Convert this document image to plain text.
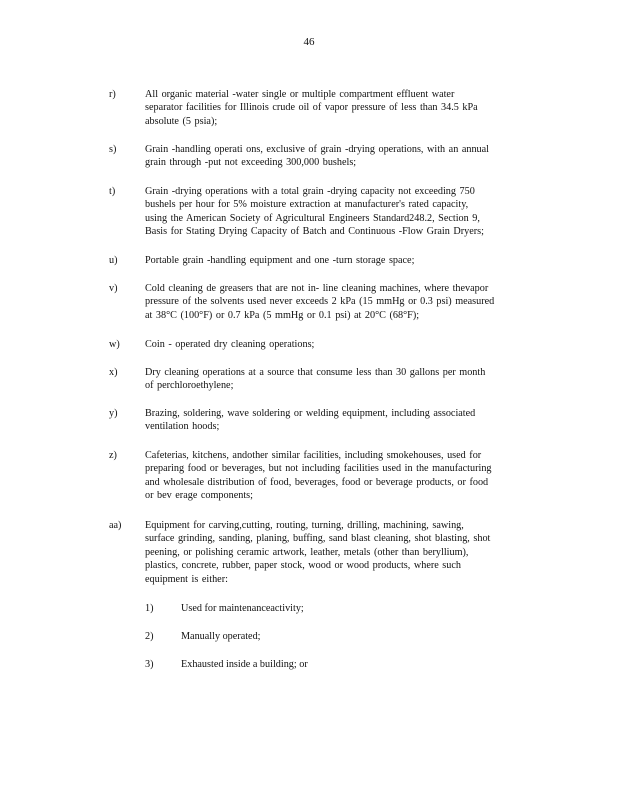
46
r)	All organic material -water single or multiple compartment effluent water
separator facilities for Illinois crude oil of vapor pressure of less than 34.5 kPa
absolute (5 psia);
s)	Grain -handling operati ons, exclusive of grain -drying operations, with an annual
grain through -put not exceeding 300,000 bushels;
t)	Grain -drying operations with a total grain -drying capacity not exceeding 750
bushels per hour for 5% moisture extraction at manufacturer's rated capacity,
using the American Society of Agricultural Engineers Standard248.2, Section 9,
Basis for Stating Drying Capacity of Batch and Continuous -Flow Grain Dryers;
u)	Portable grain -handling equipment and one -turn storage space;
v)	Cold cleaning de greasers that are not in- line cleaning machines, where thevapor
pressure of the solvents used never exceeds 2 kPa (15 mmHg or 0.3 psi) measured
at 38°C (100°F) or 0.7 kPa (5 mmHg or 0.1 psi) at 20°C (68°F);
w)	Coin - operated dry cleaning operations;
x)	Dry cleaning operations at a source that consume less than 30 gallons per month
of perchloroethylene;
y)	Brazing, soldering, wave soldering or welding equipment, including associated
ventilation hoods;
z)	Cafeterias, kitchens, andother similar facilities, including smokehouses, used for
preparing food or beverages, but not including facilities used in the manufacturing
and wholesale distribution of food, beverages, food or beverage products, or food
or bev erage components;
aa)	Equipment for carving,cutting, routing, turning, drilling, machining, sawing,
surface grinding, sanding, planing, buffing, sand blast cleaning, shot blasting, shot
peening, or polishing ceramic artwork, leather, metals (other than beryllium),
plastics, concrete, rubber, paper stock, wood or wood products, where such
equipment is either:
1)	Used for maintenanceactivity;
2)	Manually operated;
3)	Exhausted inside a building; or
